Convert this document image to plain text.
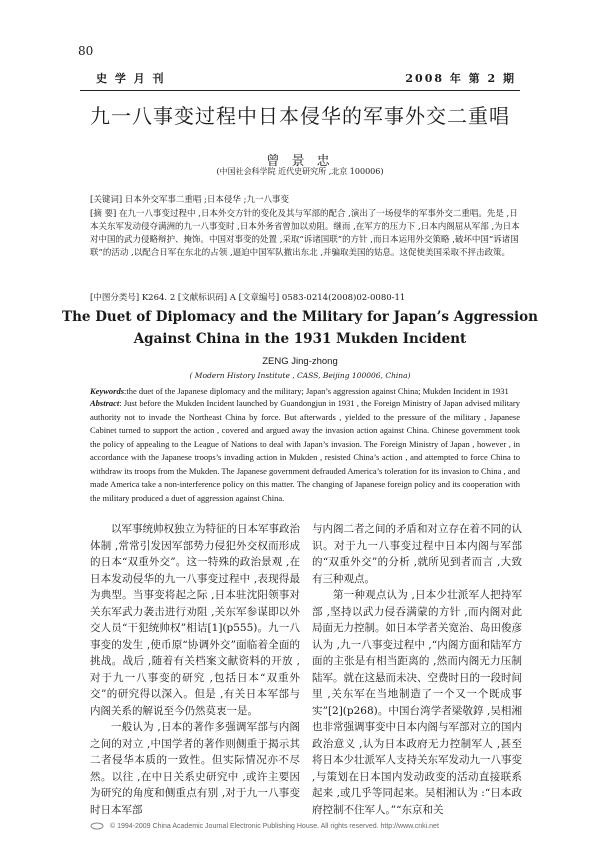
80
史 学 月 刊	2008 年 第 2 期
九一八事变过程中日本侵华的军事外交二重唱
曾 景 忠
(中国社会科学院 近代史研究所 ,北京 100006)
[关键词] 日本外交军事二重唱 ;日本侵华 ;九一八事变
[摘 要] 在九一八事变过程中 ,日本外交方针的变化及其与军部的配合 ,演出了一场侵华的军事外交二重唱。先是 ,日本关东军发动侵夺满洲的九一八事变时 ,日本外务省曾加以劝阻。继而 ,在军方的压力下 ,日本内阁屈从军部 ,为日本对中国的武力侵略辩护、掩饰。中国对事变的处置 ,采取“诉诸国联”的方针 ,而日本运用外交策略 ,破坏中国“诉诸国联”的活动 ,以配合日军在东北的占领 ,逼迫中国军队撤出东北 ,并骗取美国的姑息。这促使美国采取不抨击政策。
[中图分类号] K264. 2 [文献标识码] A [文章编号] 0583-0214(2008)02-0080-11
The Duet of Diplomacy and the Military for Japan’s Aggression
Against China in the 1931 Mukden Incident
ZENG Jing-zhong
( Modern History Institute , CASS, Beijing 100006, China)
Keywords:the duet of the Japanese diplomacy and the military; Japan’s aggression against China; Mukden Incident in 1931
Abstract: Just before the Mukden Incident launched by Guandongjun in 1931 , the Foreign Ministry of Japan advised military authority not to invade the Northeast China by force. But afterwards , yielded to the pressure of the military , Japanese Cabinet turned to support the action , covered and argued away the invasion action against China. Chinese government took the policy of appealing to the League of Nations to deal with Japan’s invasion. The Foreign Ministry of Japan , however , in accordance with the Japanese troops’s invading action in Mukden , resisted China’s action , and attempted to force China to withdraw its troops from the Mukden. The Japanese government defrauded America’s toleration for its invasion to China , and made America take a non-interference policy on this matter. The changing of Japanese foreign policy and its cooperation with the military produced a duet of aggression against China.

以军事统帅权独立为特征的日本军事政治体制 ,常常引发因军部势力侵犯外交权而形成的日本“双重外交”。这一特殊的政治景观 ,在日本发动侵华的九一八事变过程中 ,表现得最为典型。当事变将起之际 ,日本驻沈阳领事对关东军武力袭击进行劝阻 ,关东军参谋即以外交人员“干犯统帅权”相诘[1](p555)。九一八事变的发生 ,使币原“协调外交”面临着全面的挑战。战后 ,随着有关档案文献资料的开放 ,对于九一八事变的研究 ,包括日本“双重外交”的研究得以深入。但是 ,有关日本军部与内阁关系的解说至今仍然莫衷一是。

一般认为 ,日本的著作多强调军部与内阁之间的对立 ,中国学者的著作则侧重于揭示其二者侵华本质的一致性。但实际情况亦不尽然。以往 ,在中日关系史研究中 ,或许主要因为研究的角度和侧重点有别 ,对于九一八事变时日本军部

与内阁二者之间的矛盾和对立存在着不同的认识。对于九一八事变过程中日本内阁与军部的“双重外交”的分析 ,就所见到者而言 ,大致有三种观点。

第一种观点认为 ,日本少壮派军人把持军部 ,坚持以武力侵吞满蒙的方针 ,而内阁对此局面无力控制。如日本学者关宽治、岛田俊彦认为 ,九一八事变过程中 ,“内阁方面和陆军方面的主张是有相当距离的 ,然而内阁无力压制陆军。就在这悬而未决、空费时日的一段时间里 ,关东军在当地制造了一个又一个既成事实”[2](p268)。中国台湾学者梁敬錞 ,吴相湘也非常强调事变中日本内阁与军部对立的国内政治意义 ,认为日本政府无力控制军人 ,甚至将日本少壮派军人支持关东军发动九一八事变 ,与策划在日本国内发动政变的活动直接联系起来 ,或几乎等同起来。吴相湘认为 :“日本政府控制不住军人。”“东京和关

© 1994-2009 China Academic Journal Electronic Publishing House. All rights reserved. http://www.cnki.net
